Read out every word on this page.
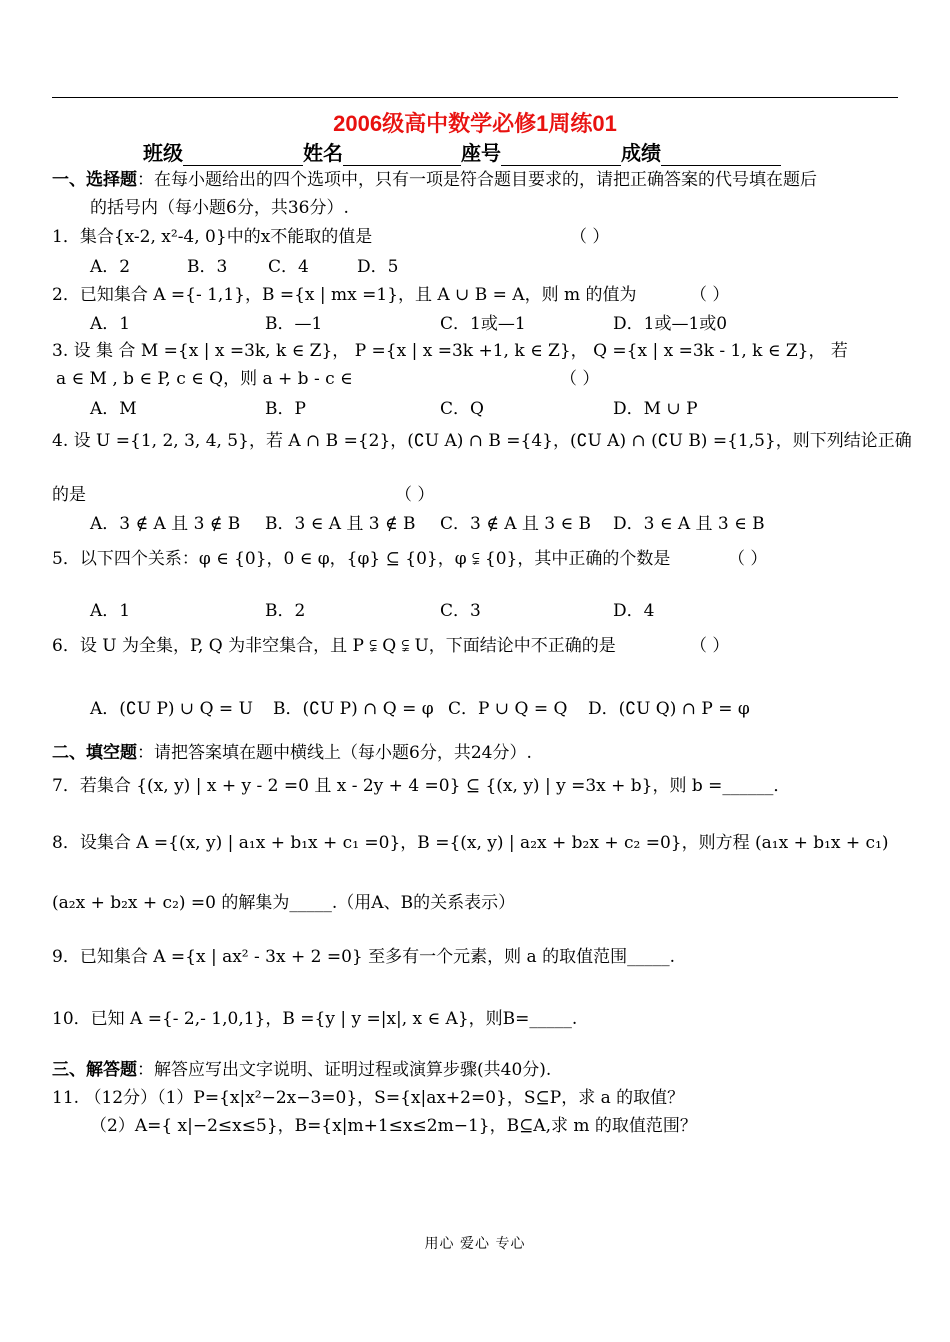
2006级高中数学必修1周练01
班级	姓名	座号	成绩
一、选择题：在每小题给出的四个选项中，只有一项是符合题目要求的，请把正确答案的代号填在题后
的括号内（每小题6分，共36分）.
1．集合{x-2, x²-4, 0}中的x不能取的值是	（ ）
A．2	B．3 C．4	D．5
2．已知集合 A ={- 1,1}，B ={x | mx =1}，且 A ∪ B = A，则 m 的值为	（ ）
A．1	B．—1	C．1或—1	D．1或—1或0
3. 设 集 合 M ={x | x =3k, k ∈ Z}， P ={x | x =3k +1, k ∈ Z}， Q ={x | x =3k - 1, k ∈ Z}， 若
a ∈ M , b ∈ P, c ∈ Q，则 a + b - c ∈	（ ）
A．M	B．P	C．Q	D．M ∪ P
4. 设 U ={1, 2, 3, 4, 5}，若 A ∩ B ={2}，(∁U A) ∩ B ={4}，(∁U A) ∩ (∁U B) ={1,5}，则下列结论正确
的是	（ ）
A．3 ∉ A 且 3 ∉ B B．3 ∈ A 且 3 ∉ B C．3 ∉ A 且 3 ∈ B D．3 ∈ A 且 3 ∈ B
5．以下四个关系：φ ∈ {0}，0 ∈ φ，{φ} ⊆ {0}，φ ⫋ {0}，其中正确的个数是	（ ）
A．1	B．2	C．3	D．4
6．设 U 为全集，P, Q 为非空集合，且 P ⫋ Q ⫋ U，下面结论中不正确的是	（ ）
A．(∁U P) ∪ Q = U B．(∁U P) ∩ Q = φ C．P ∪ Q = Q D．(∁U Q) ∩ P = φ
二、填空题：请把答案填在题中横线上（每小题6分，共24分）.
7．若集合 {(x, y) | x + y - 2 =0 且 x - 2y + 4 =0} ⊆ {(x, y) | y =3x + b}，则 b =______．
8．设集合 A ={(x, y) | a₁x + b₁x + c₁ =0}，B ={(x, y) | a₂x + b₂x + c₂ =0}，则方程 (a₁x + b₁x + c₁)
(a₂x + b₂x + c₂) =0 的解集为_____.（用A、B的关系表示）
9．已知集合 A ={x | ax² - 3x + 2 =0} 至多有一个元素，则 a 的取值范围_____.
10．已知 A ={- 2,- 1,0,1}，B ={y | y =|x|, x ∈ A}，则B=_____.
三、解答题：解答应写出文字说明、证明过程或演算步骤(共40分).
11. （12分）（1）P={x|x²−2x−3=0}，S={x|ax+2=0}，S⊆P，求 a 的取值？
（2）A={ x|−2≤x≤5}，B={x|m+1≤x≤2m−1}，B⊆A,求 m 的取值范围？
用心 爱心 专心
